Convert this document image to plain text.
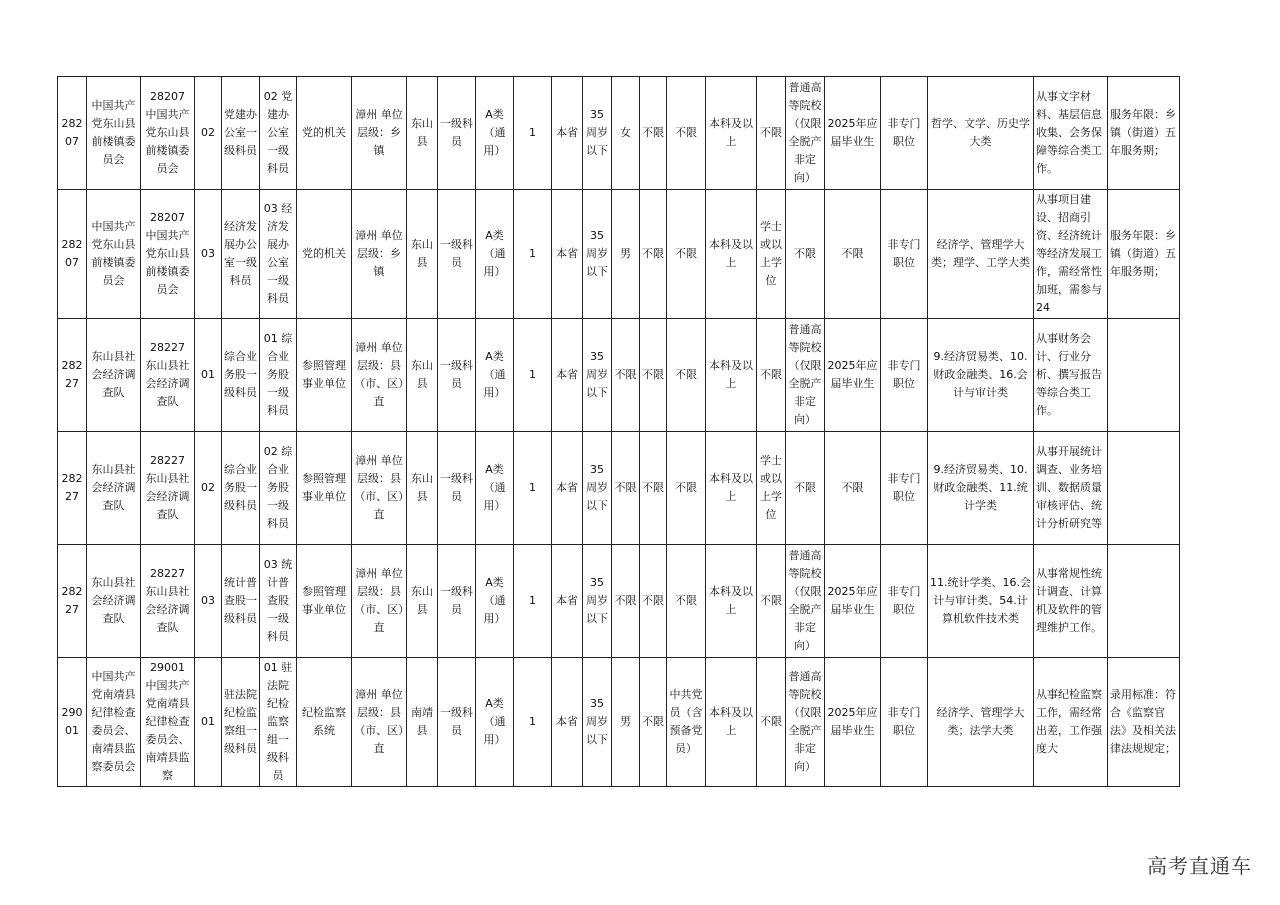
28207	中国共产党东山县前楼镇委员会	28207 中国共产党东山县前楼镇委员会	02	党建办公室一级科员	02 党建办公室一级科员	党的机关	漳州 单位层级：乡镇	东山县	一级科员	A类（通用）	1	本省	35周岁以下	女	不限	不限	本科及以上	不限	普通高等院校（仅限全脱产非定向）	2025年应届毕业生	非专门职位	哲学、文学、历史学大类	从事文字材料、基层信息收集、会务保障等综合类工作。	服务年限：乡镇（街道）五年服务期；
28207	中国共产党东山县前楼镇委员会	28207 中国共产党东山县前楼镇委员会	03	经济发展办公室一级科员	03 经济发展办公室一级科员	党的机关	漳州 单位层级：乡镇	东山县	一级科员	A类（通用）	1	本省	35周岁以下	男	不限	不限	本科及以上	学士或以上学位	不限	不限	非专门职位	经济学、管理学大类；理学、工学大类	从事项目建设、招商引资、经济统计等经济发展工作，需经常性加班，需参与24	服务年限：乡镇（街道）五年服务期；
28227	东山县社会经济调查队	28227 东山县社会经济调查队	01	综合业务股一级科员	01 综合业务股一级科员	参照管理事业单位	漳州 单位层级：县（市、区）直	东山县	一级科员	A类（通用）	1	本省	35周岁以下	不限	不限	不限	本科及以上	不限	普通高等院校（仅限全脱产非定向）	2025年应届毕业生	非专门职位	9.经济贸易类、10.财政金融类、16.会计与审计类	从事财务会计、行业分析、撰写报告等综合类工作。	
28227	东山县社会经济调查队	28227 东山县社会经济调查队	02	综合业务股一级科员	02 综合业务股一级科员	参照管理事业单位	漳州 单位层级：县（市、区）直	东山县	一级科员	A类（通用）	1	本省	35周岁以下	不限	不限	不限	本科及以上	学士或以上学位	不限	不限	非专门职位	9.经济贸易类、10.财政金融类、11.统计学类	从事开展统计调查、业务培训、数据质量审核评估、统计分析研究等	
28227	东山县社会经济调查队	28227 东山县社会经济调查队	03	统计普查股一级科员	03 统计普查股一级科员	参照管理事业单位	漳州 单位层级：县（市、区）直	东山县	一级科员	A类（通用）	1	本省	35周岁以下	不限	不限	不限	本科及以上	不限	普通高等院校（仅限全脱产非定向）	2025年应届毕业生	非专门职位	11.统计学类、16.会计与审计类、54.计算机软件技术类	从事常规性统计调查、计算机及软件的管理维护工作。	
29001	中国共产党南靖县纪律检查委员会、南靖县监察委员会	29001 中国共产党南靖县纪律检查委员会、南靖县监察	01	驻法院纪检监察组一级科员	01 驻法院纪检监察组一级科员	纪检监察系统	漳州 单位层级：县（市、区）直	南靖县	一级科员	A类（通用）	1	本省	35周岁以下	男	不限	中共党员（含预备党员）	本科及以上	不限	普通高等院校（仅限全脱产非定向）	2025年应届毕业生	非专门职位	经济学、管理学大类；法学大类	从事纪检监察工作，需经常出差，工作强度大	录用标准：符合《监察官法》及相关法律法规规定；
高考直通车
